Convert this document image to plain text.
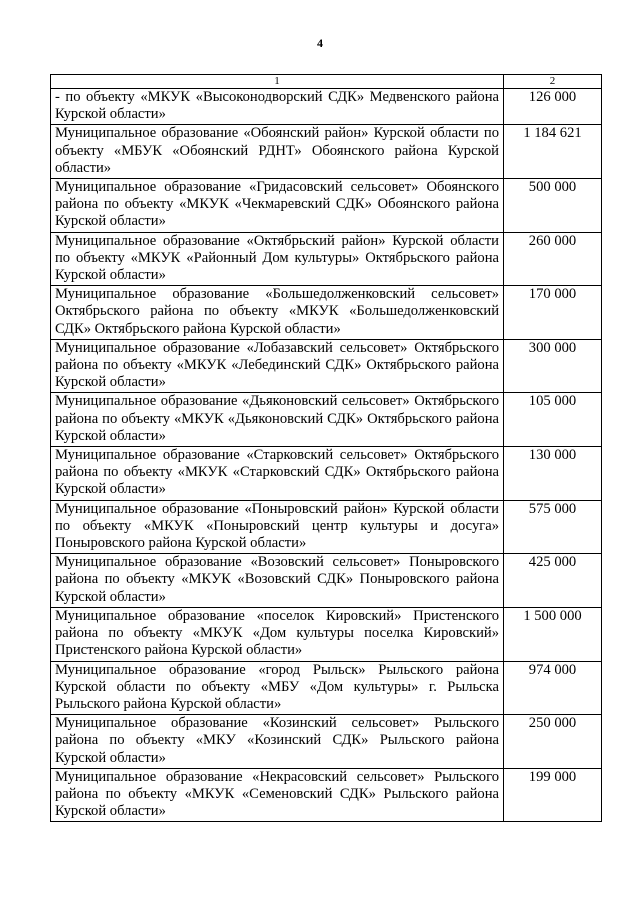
4
1	2
- по объекту «МКУК «Высоконодворский СДК» Медвенского района Курской области»	126 000
Муниципальное образование «Обоянский район» Курской области по объекту «МБУК «Обоянский РДНТ» Обоянского района Курской области»	1 184 621
Муниципальное образование «Гридасовский сельсовет» Обоянского района по объекту «МКУК «Чекмаревский СДК» Обоянского района Курской области»	500 000
Муниципальное образование «Октябрьский район» Курской области по объекту «МКУК «Районный Дом культуры» Октябрьского района Курской области»	260 000
Муниципальное образование «Большедолженковский сельсовет» Октябрьского района по объекту «МКУК «Большедолженковский СДК» Октябрьского района Курской области»	170 000
Муниципальное образование «Лобазавский сельсовет» Октябрьского района по объекту «МКУК «Лебединский СДК» Октябрьского района Курской области»	300 000
Муниципальное образование «Дьяконовский сельсовет» Октябрьского района по объекту «МКУК «Дьяконовский СДК» Октябрьского района Курской области»	105 000
Муниципальное образование «Старковский сельсовет» Октябрьского района по объекту «МКУК «Старковский СДК» Октябрьского района Курской области»	130 000
Муниципальное образование «Поныровский район» Курской области по объекту «МКУК «Поныровский центр культуры и досуга» Поныровского района Курской области»	575 000
Муниципальное образование «Возовский сельсовет» Поныровского района по объекту «МКУК «Возовский СДК» Поныровского района Курской области»	425 000
Муниципальное образование «поселок Кировский» Пристенского района по объекту «МКУК «Дом культуры поселка Кировский» Пристенского района Курской области»	1 500 000
Муниципальное образование «город Рыльск» Рыльского района Курской области по объекту «МБУ «Дом культуры» г. Рыльска Рыльского района Курской области»	974 000
Муниципальное образование «Козинский сельсовет» Рыльского района по объекту «МКУ «Козинский СДК» Рыльского района Курской области»	250 000
Муниципальное образование «Некрасовский сельсовет» Рыльского района по объекту «МКУК «Семеновский СДК» Рыльского района Курской области»	199 000
